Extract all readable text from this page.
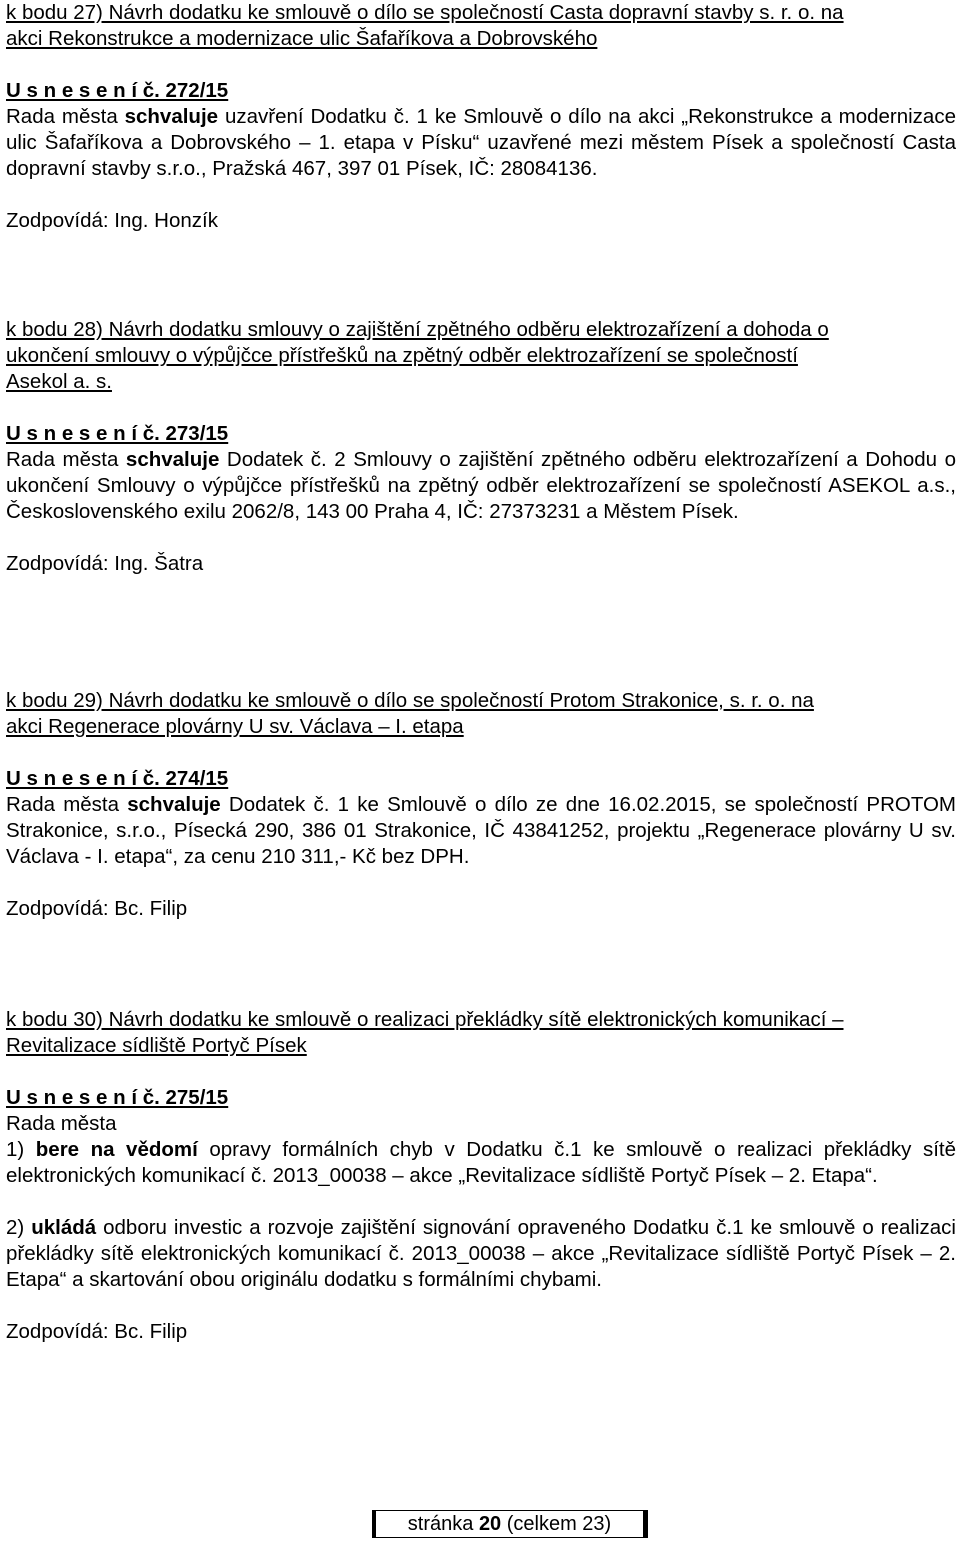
k bodu 27) Návrh dodatku ke smlouvě o dílo se společností Casta dopravní stavby s. r. o. na

akci Rekonstrukce a modernizace ulic Šafaříkova a Dobrovského

U s n e s e n í č. 272/15

Rada města schvaluje uzavření Dodatku č. 1 ke Smlouvě o dílo na akci „Rekonstrukce a modernizace ulic Šafaříkova a Dobrovského – 1. etapa v Písku“ uzavřené mezi městem Písek a společností Casta dopravní stavby s.r.o., Pražská 467, 397 01 Písek, IČ: 28084136.

Zodpovídá: Ing. Honzík

k bodu 28) Návrh dodatku smlouvy o zajištění zpětného odběru elektrozařízení a dohoda o

ukončení smlouvy o výpůjčce přístřešků na zpětný odběr elektrozařízení se společností

Asekol a. s.

U s n e s e n í č. 273/15

Rada města schvaluje Dodatek č. 2 Smlouvy o zajištění zpětného odběru elektrozařízení a Dohodu o ukončení Smlouvy o výpůjčce přístřešků na zpětný odběr elektrozařízení se společností ASEKOL a.s., Československého exilu 2062/8, 143 00 Praha 4, IČ: 27373231 a Městem Písek.

Zodpovídá: Ing. Šatra

k bodu 29) Návrh dodatku ke smlouvě o dílo se společností Protom Strakonice, s. r. o. na

akci Regenerace plovárny U sv. Václava – I. etapa

U s n e s e n í č. 274/15

Rada města schvaluje Dodatek č. 1 ke Smlouvě o dílo ze dne 16.02.2015, se společností PROTOM Strakonice, s.r.o., Písecká 290, 386 01 Strakonice, IČ 43841252, projektu „Regenerace plovárny U sv. Václava - I. etapa“, za cenu 210 311,- Kč bez DPH.

Zodpovídá: Bc. Filip

k bodu 30) Návrh dodatku ke smlouvě o realizaci překládky sítě elektronických komunikací –

Revitalizace sídliště Portyč Písek

U s n e s e n í č. 275/15

Rada města

1) bere na vědomí opravy formálních chyb v Dodatku č.1 ke smlouvě o realizaci překládky sítě elektronických komunikací č. 2013_00038 – akce „Revitalizace sídliště Portyč Písek – 2. Etapa“.

2) ukládá odboru investic a rozvoje zajištění signování opraveného Dodatku č.1 ke smlouvě o realizaci překládky sítě elektronických komunikací č. 2013_00038 – akce „Revitalizace sídliště Portyč Písek – 2. Etapa“ a skartování obou originálu dodatku s formálními chybami.

Zodpovídá: Bc. Filip

stránka 20 (celkem 23)
